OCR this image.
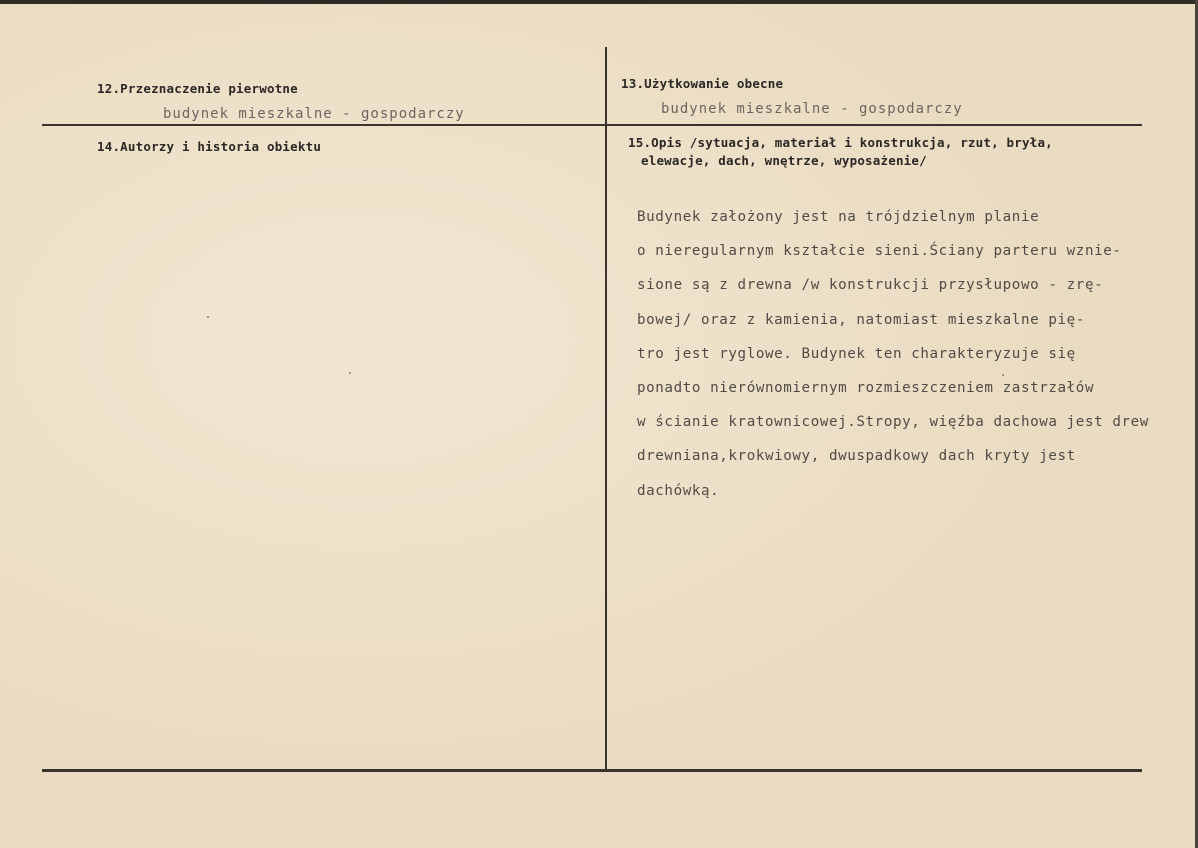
12.Przeznaczenie pierwotne
budynek mieszkalne - gospodarczy
13.Użytkowanie obecne
budynek mieszkalne - gospodarczy
14.Autorzy i historia obiektu	15.Opis /sytuacja, materiał i konstrukcja, rzut, bryła,
elewacje, dach, wnętrze, wyposażenie/
Budynek założony jest na trójdzielnym planie
o nieregularnym kształcie sieni.Ściany parteru wznie-
sione są z drewna /w konstrukcji przysłupowo - zrę-
bowej/ oraz z kamienia, natomiast mieszkalne pię-
tro jest ryglowe. Budynek ten charakteryzuje się
ponadto nierównomiernym rozmieszczeniem zastrzałów
w ścianie kratownicowej.Stropy, więźba dachowa jest drew
drewniana,krokwiowy, dwuspadkowy dach kryty jest
dachówką.
